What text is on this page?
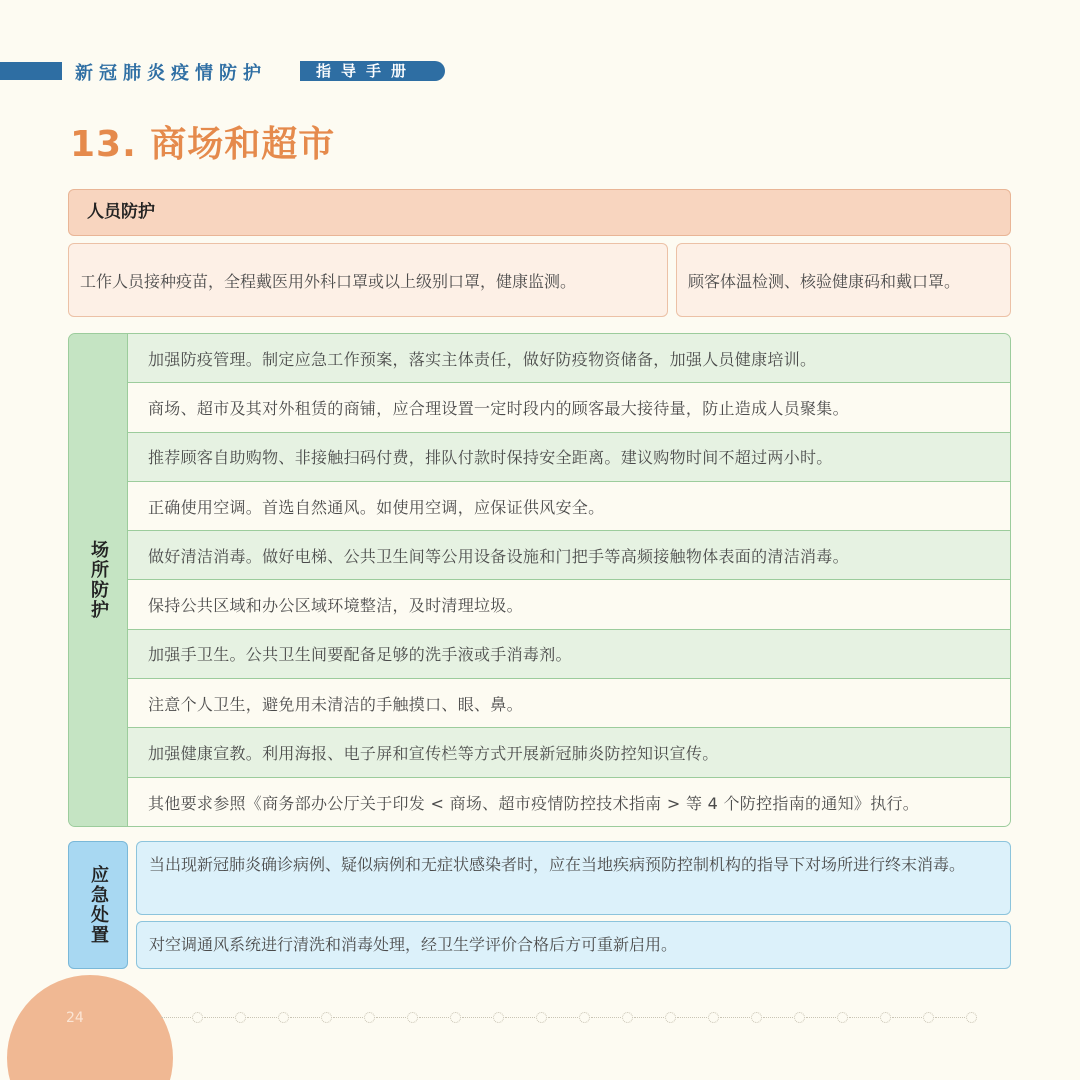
新冠肺炎疫情防护	指导手册
13. 商场和超市
人员防护
工作人员接种疫苗，全程戴医用外科口罩或以上级别口罩，健康监测。	顾客体温检测、核验健康码和戴口罩。
场所防护
加强防疫管理。制定应急工作预案，落实主体责任，做好防疫物资储备，加强人员健康培训。
商场、超市及其对外租赁的商铺，应合理设置一定时段内的顾客最大接待量，防止造成人员聚集。
推荐顾客自助购物、非接触扫码付费，排队付款时保持安全距离。建议购物时间不超过两小时。
正确使用空调。首选自然通风。如使用空调，应保证供风安全。
做好清洁消毒。做好电梯、公共卫生间等公用设备设施和门把手等高频接触物体表面的清洁消毒。
保持公共区域和办公区域环境整洁，及时清理垃圾。
加强手卫生。公共卫生间要配备足够的洗手液或手消毒剂。
注意个人卫生，避免用未清洁的手触摸口、眼、鼻。
加强健康宣教。利用海报、电子屏和宣传栏等方式开展新冠肺炎防控知识宣传。
其他要求参照《商务部办公厅关于印发 < 商场、超市疫情防控技术指南 > 等 4 个防控指南的通知》执行。
应急处置
当出现新冠肺炎确诊病例、疑似病例和无症状感染者时，应在当地疾病预防控制机构的指导下对场所进行终末消毒。
对空调通风系统进行清洗和消毒处理，经卫生学评价合格后方可重新启用。
24
